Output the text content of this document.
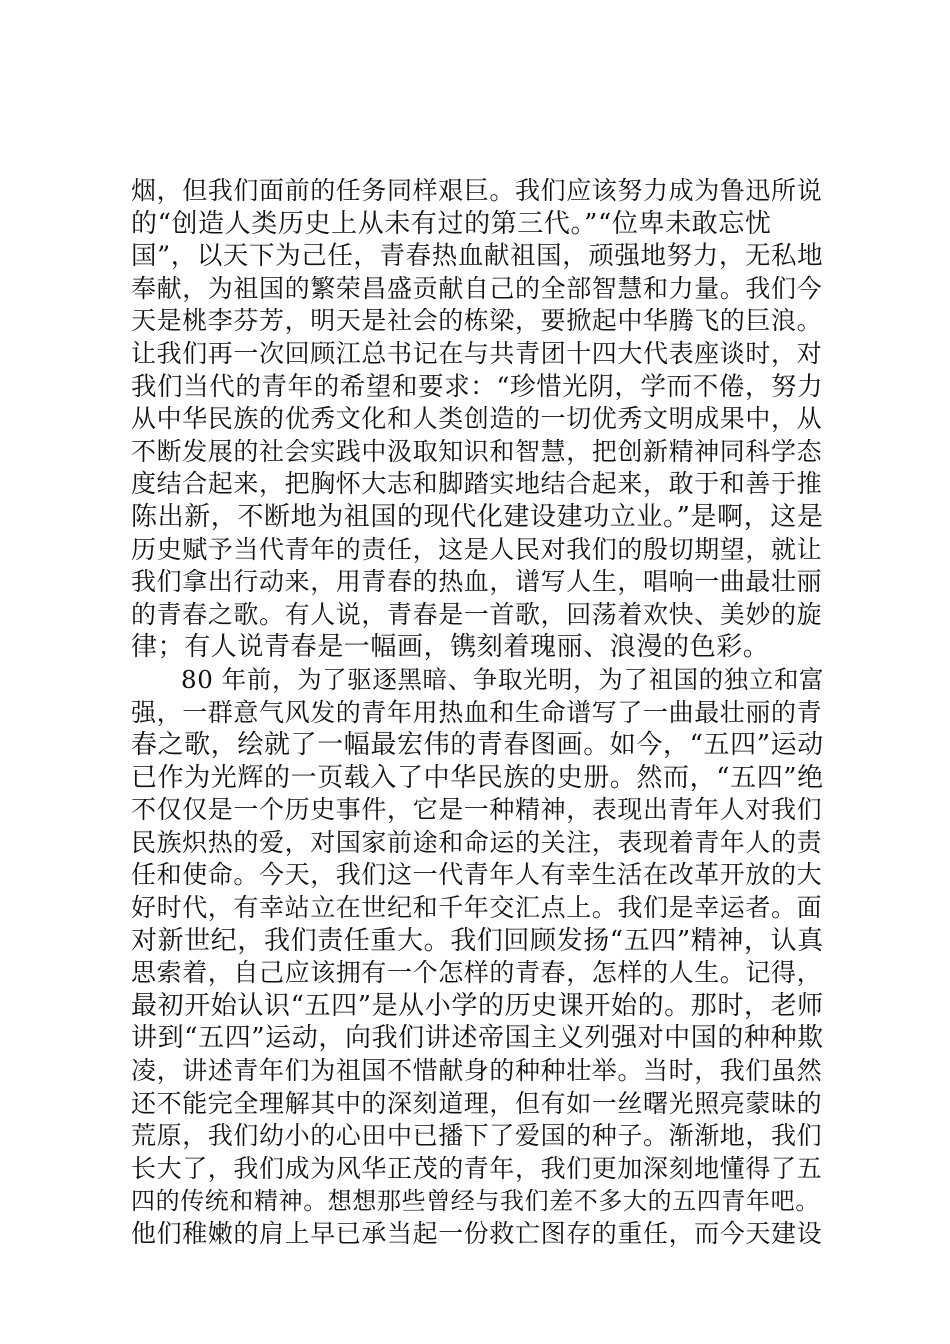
烟，但我们面前的任务同样艰巨。我们应该努力成为鲁迅所说
的“创造人类历史上从未有过的第三代。”“位卑未敢忘忧
国”，以天下为己任，青春热血献祖国，顽强地努力，无私地
奉献，为祖国的繁荣昌盛贡献自己的全部智慧和力量。我们今
天是桃李芬芳，明天是社会的栋梁，要掀起中华腾飞的巨浪。
让我们再一次回顾江总书记在与共青团十四大代表座谈时，对
我们当代的青年的希望和要求：“珍惜光阴，学而不倦，努力
从中华民族的优秀文化和人类创造的一切优秀文明成果中，从
不断发展的社会实践中汲取知识和智慧，把创新精神同科学态
度结合起来，把胸怀大志和脚踏实地结合起来，敢于和善于推
陈出新，不断地为祖国的现代化建设建功立业。”是啊，这是
历史赋予当代青年的责任，这是人民对我们的殷切期望，就让
我们拿出行动来，用青春的热血，谱写人生，唱响一曲最壮丽
的青春之歌。有人说，青春是一首歌，回荡着欢快、美妙的旋
律；有人说青春是一幅画，镌刻着瑰丽、浪漫的色彩。
80 年前，为了驱逐黑暗、争取光明，为了祖国的独立和富
强，一群意气风发的青年用热血和生命谱写了一曲最壮丽的青
春之歌，绘就了一幅最宏伟的青春图画。如今，“五四”运动
已作为光辉的一页载入了中华民族的史册。然而，“五四”绝
不仅仅是一个历史事件，它是一种精神，表现出青年人对我们
民族炽热的爱，对国家前途和命运的关注，表现着青年人的责
任和使命。今天，我们这一代青年人有幸生活在改革开放的大
好时代，有幸站立在世纪和千年交汇点上。我们是幸运者。面
对新世纪，我们责任重大。我们回顾发扬“五四”精神，认真
思索着，自己应该拥有一个怎样的青春，怎样的人生。记得，
最初开始认识“五四”是从小学的历史课开始的。那时，老师
讲到“五四”运动，向我们讲述帝国主义列强对中国的种种欺
凌，讲述青年们为祖国不惜献身的种种壮举。当时，我们虽然
还不能完全理解其中的深刻道理，但有如一丝曙光照亮蒙昧的
荒原，我们幼小的心田中已播下了爱国的种子。渐渐地，我们
长大了，我们成为风华正茂的青年，我们更加深刻地懂得了五
四的传统和精神。想想那些曾经与我们差不多大的五四青年吧。
他们稚嫩的肩上早已承当起一份救亡图存的重任，而今天建设
